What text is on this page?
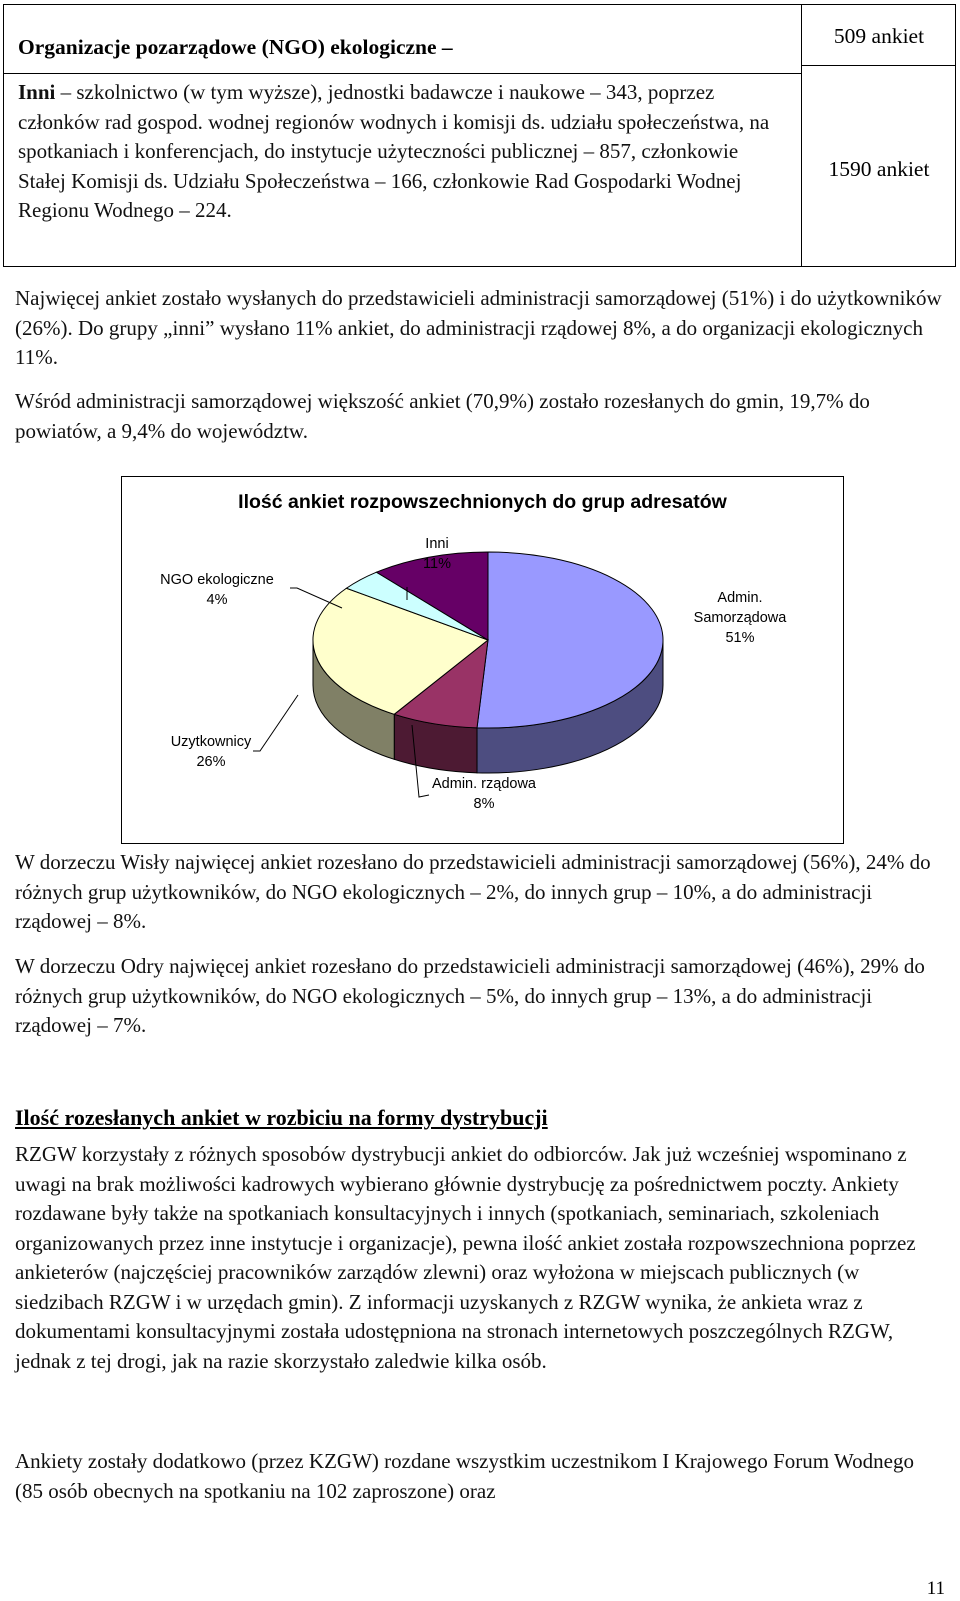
Organizacje pozarządowe (NGO) ekologiczne –
Inni – szkolnictwo (w tym wyższe), jednostki badawcze i naukowe – 343, poprzez członków rad gospod. wodnej regionów wodnych i komisji ds. udziału społeczeństwa, na spotkaniach i konferencjach, do instytucje użyteczności publicznej – 857, członkowie Stałej Komisji ds. Udziału Społeczeństwa – 166, członkowie Rad Gospodarki Wodnej Regionu Wodnego – 224.
509 ankiet
1590 ankiet
Najwięcej ankiet zostało wysłanych do przedstawicieli administracji samorządowej (51%) i do użytkowników (26%). Do grupy „inni” wysłano 11% ankiet, do administracji rządowej 8%, a do organizacji ekologicznych 11%.
Wśród administracji samorządowej większość ankiet (70,9%) zostało rozesłanych do gmin, 19,7% do powiatów, a 9,4% do województw.
Ilość ankiet rozpowszechnionych do grup adresatów
Admin.
Samorządowa
51%
Admin. rządowa
8%
Uzytkownicy
26%
NGO ekologiczne
4%
Inni
11%
W dorzeczu Wisły najwięcej ankiet rozesłano do przedstawicieli administracji samorządowej (56%), 24% do różnych grup użytkowników, do NGO ekologicznych – 2%, do innych grup – 10%, a do administracji rządowej – 8%.
W dorzeczu Odry najwięcej ankiet rozesłano do przedstawicieli administracji samorządowej (46%), 29% do różnych grup użytkowników, do NGO ekologicznych – 5%, do innych grup – 13%, a do administracji rządowej – 7%.
Ilość rozesłanych ankiet w rozbiciu na formy dystrybucji
RZGW korzystały z różnych sposobów dystrybucji ankiet do odbiorców. Jak już wcześniej wspominano z uwagi na brak możliwości kadrowych wybierano głównie dystrybucję za pośrednictwem poczty. Ankiety rozdawane były także na spotkaniach konsultacyjnych i innych (spotkaniach, seminariach, szkoleniach organizowanych przez inne instytucje i organizacje), pewna ilość ankiet została rozpowszechniona poprzez ankieterów (najczęściej pracowników zarządów zlewni) oraz wyłożona w miejscach publicznych (w siedzibach RZGW i w urzędach gmin). Z informacji uzyskanych z RZGW wynika, że ankieta wraz z dokumentami konsultacyjnymi została udostępniona na stronach internetowych poszczególnych RZGW, jednak z tej drogi, jak na razie skorzystało zaledwie kilka osób.
Ankiety zostały dodatkowo (przez KZGW) rozdane wszystkim uczestnikom I Krajowego Forum Wodnego (85 osób obecnych na spotkaniu na 102 zaproszone) oraz
11
